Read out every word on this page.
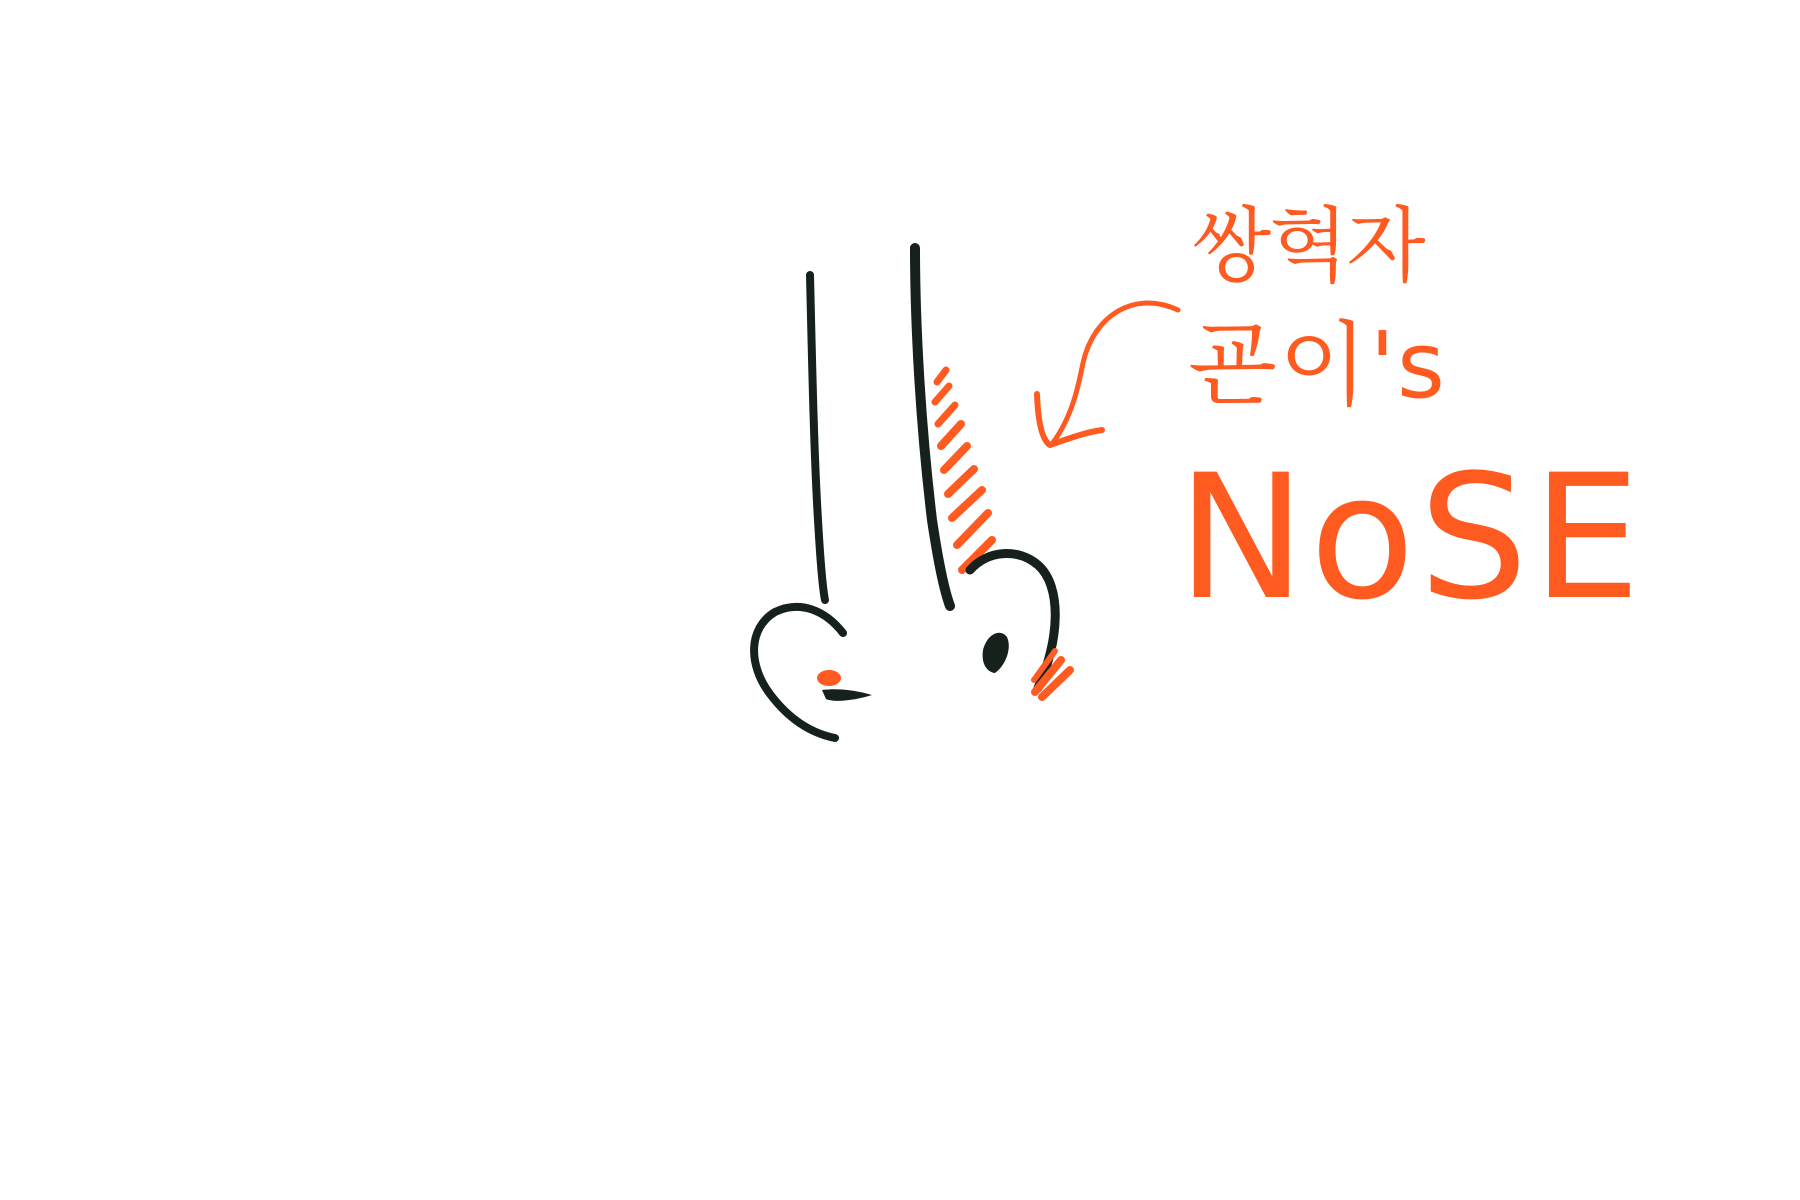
쌍혁자
굔이's
NoSE
